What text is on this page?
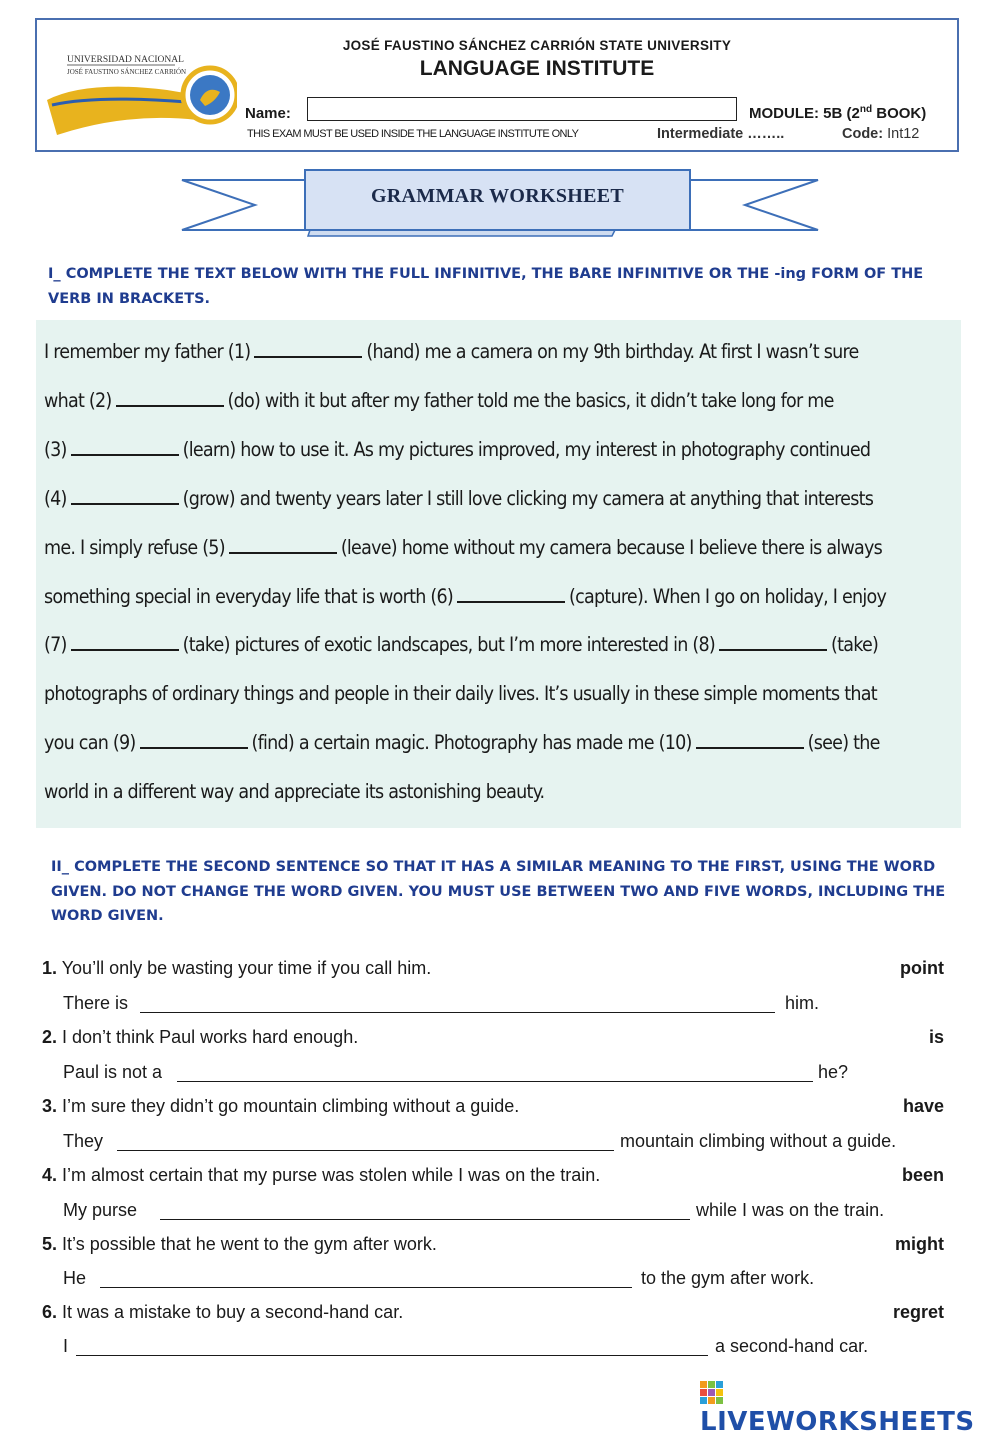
UNIVERSIDAD NACIONAL
JOSÉ FAUSTINO SÁNCHEZ CARRIÓN
JOSÉ FAUSTINO SÁNCHEZ CARRIÓN STATE UNIVERSITY
LANGUAGE INSTITUTE
Name:	MODULE: 5B (2nd BOOK)
THIS EXAM MUST BE USED INSIDE THE LANGUAGE INSTITUTE ONLY	Intermediate ……..	Code: Int12
GRAMMAR WORKSHEET
I_ COMPLETE THE TEXT BELOW WITH THE FULL INFINITIVE, THE BARE INFINITIVE OR THE -ing FORM OF THE VERB IN BRACKETS.
I remember my father (1)	(hand) me a camera on my 9th birthday. At first I wasn’t sure
what (2)	(do) with it but after my father told me the basics, it didn’t take long for me
(3)	(learn) how to use it. As my pictures improved, my interest in photography continued
(4)	(grow) and twenty years later I still love clicking my camera at anything that interests
me. I simply refuse (5)	(leave) home without my camera because I believe there is always
something special in everyday life that is worth (6)	(capture). When I go on holiday, I enjoy
(7)	(take) pictures of exotic landscapes, but I’m more interested in (8)	(take)
photographs of ordinary things and people in their daily lives. It’s usually in these simple moments that
you can (9)	(find) a certain magic. Photography has made me (10)	(see) the
world in a different way and appreciate its astonishing beauty.
II_ COMPLETE THE SECOND SENTENCE SO THAT IT HAS A SIMILAR MEANING TO THE FIRST, USING THE WORD GIVEN. DO NOT CHANGE THE WORD GIVEN. YOU MUST USE BETWEEN TWO AND FIVE WORDS, INCLUDING THE WORD GIVEN.
1. You’ll only be wasting your time if you call him.	point
There is	him.
2. I don’t think Paul works hard enough.	is
Paul is not a	he?
3. I’m sure they didn’t go mountain climbing without a guide.	have
They	mountain climbing without a guide.
4. I’m almost certain that my purse was stolen while I was on the train.	been
My purse	while I was on the train.
5. It’s possible that he went to the gym after work.	might
He	to the gym after work.
6. It was a mistake to buy a second-hand car.	regret
I	a second-hand car.
LIVEWORKSHEETS
